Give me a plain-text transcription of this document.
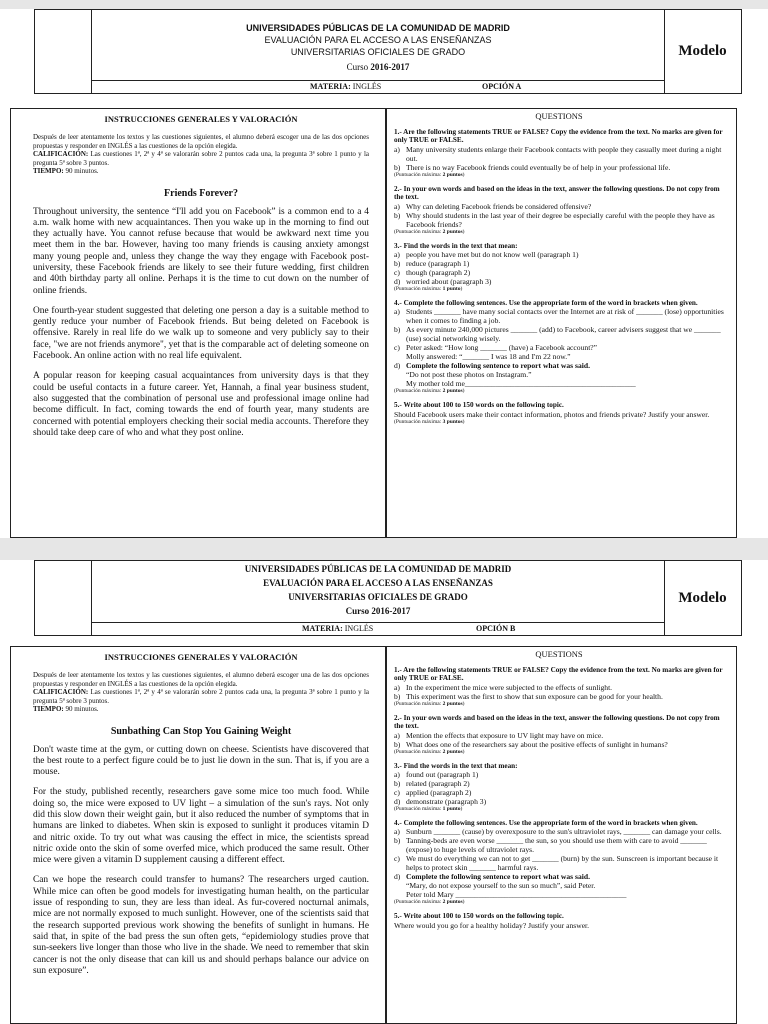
UNIVERSIDADES PÚBLICAS DE LA COMUNIDAD DE MADRID
EVALUACIÓN PARA EL ACCESO A LAS ENSEÑANZAS
UNIVERSITARIAS OFICIALES DE GRADO
Curso 2016-2017
MATERIA: INGLÉS	OPCIÓN A
Modelo
INSTRUCCIONES GENERALES Y VALORACIÓN
Después de leer atentamente los textos y las cuestiones siguientes, el alumno deberá escoger una de las dos opciones propuestas y responder en INGLÉS a las cuestiones de la opción elegida.
CALIFICACIÓN: Las cuestiones 1ª, 2ª y 4ª se valorarán sobre 2 puntos cada una, la pregunta 3ª sobre 1 punto y la pregunta 5ª sobre 3 puntos.
TIEMPO: 90 minutos.
Friends Forever?
Throughout university, the sentence “I'll add you on Facebook” is a common end to a 4 a.m. walk home with new acquaintances. Then you wake up in the morning to find out they actually have. You cannot refuse because that would be awkward next time you meet them in the bar. However, having too many friends is causing anxiety amongst many young people and, unless they change the way they engage with Facebook post-university, these Facebook friends are likely to see their future wedding, first children and 40th birthday party all online. Perhaps it is the time to cut down on the number of online friends.
One fourth-year student suggested that deleting one person a day is a suitable method to gently reduce your number of Facebook friends. But being deleted on Facebook is offensive. Rarely in real life do we walk up to someone and very publicly say to their face, "we are not friends anymore", yet that is the comparable act of deleting someone on Facebook. An online action with no real life equivalent.
A popular reason for keeping casual acquaintances from university days is that they could be useful contacts in a future career. Yet, Hannah, a final year business student, also suggested that the combination of personal use and professional image online had become difficult. In fact, coming towards the end of fourth year, many students are concerned with potential employers checking their social media accounts. Therefore they should take deep care of who and what they post online.
QUESTIONS
1.- Are the following statements TRUE or FALSE? Copy the evidence from the text. No marks are given for only TRUE or FALSE.
a) Many university students enlarge their Facebook contacts with people they casually meet during a night out.
b) There is no way Facebook friends could eventually be of help in your professional life.
(Puntuación máxima: 2 puntos)
2.- In your own words and based on the ideas in the text, answer the following questions. Do not copy from the text.
a) Why can deleting Facebook friends be considered offensive?
b) Why should students in the last year of their degree be especially careful with the people they have as Facebook friends?
(Puntuación máxima: 2 puntos)
3.- Find the words in the text that mean:
a) people you have met but do not know well (paragraph 1)
b) reduce (paragraph 1)
c) though (paragraph 2)
d) worried about (paragraph 3)
(Puntuación máxima: 1 punto)
4.- Complete the following sentences. Use the appropriate form of the word in brackets when given.
a) Students _______ have many social contacts over the Internet are at risk of _______ (lose) opportunities when it comes to finding a job.
b) As every minute 240,000 pictures _______ (add) to Facebook, career advisers suggest that we _______ (use) social networking wisely.
c) Peter asked: “How long _______ (have) a Facebook account?”
Molly answered: “_______ I was 18 and I'm 22 now.”
d) Complete the following sentence to report what was said.
“Do not post these photos on Instagram.”
My mother told me_____________________________________________
(Puntuación máxima: 2 puntos)
5.- Write about 100 to 150 words on the following topic.
Should Facebook users make their contact information, photos and friends private? Justify your answer.
(Puntuación máxima: 3 puntos)
UNIVERSIDADES PÚBLICAS DE LA COMUNIDAD DE MADRID
EVALUACIÓN PARA EL ACCESO A LAS ENSEÑANZAS
UNIVERSITARIAS OFICIALES DE GRADO
Curso 2016-2017
MATERIA: INGLÉS	OPCIÓN B
Modelo
INSTRUCCIONES GENERALES Y VALORACIÓN
Después de leer atentamente los textos y las cuestiones siguientes, el alumno deberá escoger una de las dos opciones propuestas y responder en INGLÉS a las cuestiones de la opción elegida.
CALIFICACIÓN: Las cuestiones 1ª, 2ª y 4ª se valorarán sobre 2 puntos cada una, la pregunta 3ª sobre 1 punto y la pregunta 5ª sobre 3 puntos.
TIEMPO: 90 minutos.
Sunbathing Can Stop You Gaining Weight
Don't waste time at the gym, or cutting down on cheese. Scientists have discovered that the best route to a perfect figure could be to just lie down in the sun. That is, if you are a mouse.
For the study, published recently, researchers gave some mice too much food. While doing so, the mice were exposed to UV light – a simulation of the sun's rays. Not only did this slow down their weight gain, but it also reduced the number of symptoms that in humans are linked to diabetes. When skin is exposed to sunlight it produces vitamin D and nitric oxide. To try out what was causing the effect in mice, the scientists spread nitric oxide onto the skin of some overfed mice, which produced the same result. Other mice were given a vitamin D supplement causing a different effect.
Can we hope the research could transfer to humans? The researchers urged caution. While mice can often be good models for investigating human health, on the particular issue of responding to sun, they are less than ideal. As fur-covered nocturnal animals, mice are not normally exposed to much sunlight. However, one of the scientists said that the research supported previous work showing the benefits of sunlight in humans. He said that, in spite of the bad press the sun often gets, “epidemiology studies prove that sun-seekers live longer than those who live in the shade. We need to remember that skin cancer is not the only disease that can kill us and should perhaps balance our advice on sun exposure”.
QUESTIONS
1.- Are the following statements TRUE or FALSE? Copy the evidence from the text. No marks are given for only TRUE or FALSE.
a) In the experiment the mice were subjected to the effects of sunlight.
b) This experiment was the first to show that sun exposure can be good for your health.
(Puntuación máxima: 2 puntos)
2.- In your own words and based on the ideas in the text, answer the following questions. Do not copy from the text.
a) Mention the effects that exposure to UV light may have on mice.
b) What does one of the researchers say about the positive effects of sunlight in humans?
(Puntuación máxima: 2 puntos)
3.- Find the words in the text that mean:
a) found out (paragraph 1)
b) related (paragraph 2)
c) applied (paragraph 2)
d) demonstrate (paragraph 3)
(Puntuación máxima: 1 punto)
4.- Complete the following sentences. Use the appropriate form of the word in brackets when given.
a) Sunburn _______ (cause) by overexposure to the sun's ultraviolet rays, _______ can damage your cells.
b) Tanning-beds are even worse _______ the sun, so you should use them with care to avoid _______ (expose) to huge levels of ultraviolet rays.
c) We must do everything we can not to get _______ (burn) by the sun. Sunscreen is important because it helps to protect skin _______ harmful rays.
d) Complete the following sentence to report what was said.
“Mary, do not expose yourself to the sun so much”, said Peter.
Peter told Mary _____________________________________________
(Puntuación máxima: 2 puntos)
5.- Write about 100 to 150 words on the following topic.
Where would you go for a healthy holiday? Justify your answer.
